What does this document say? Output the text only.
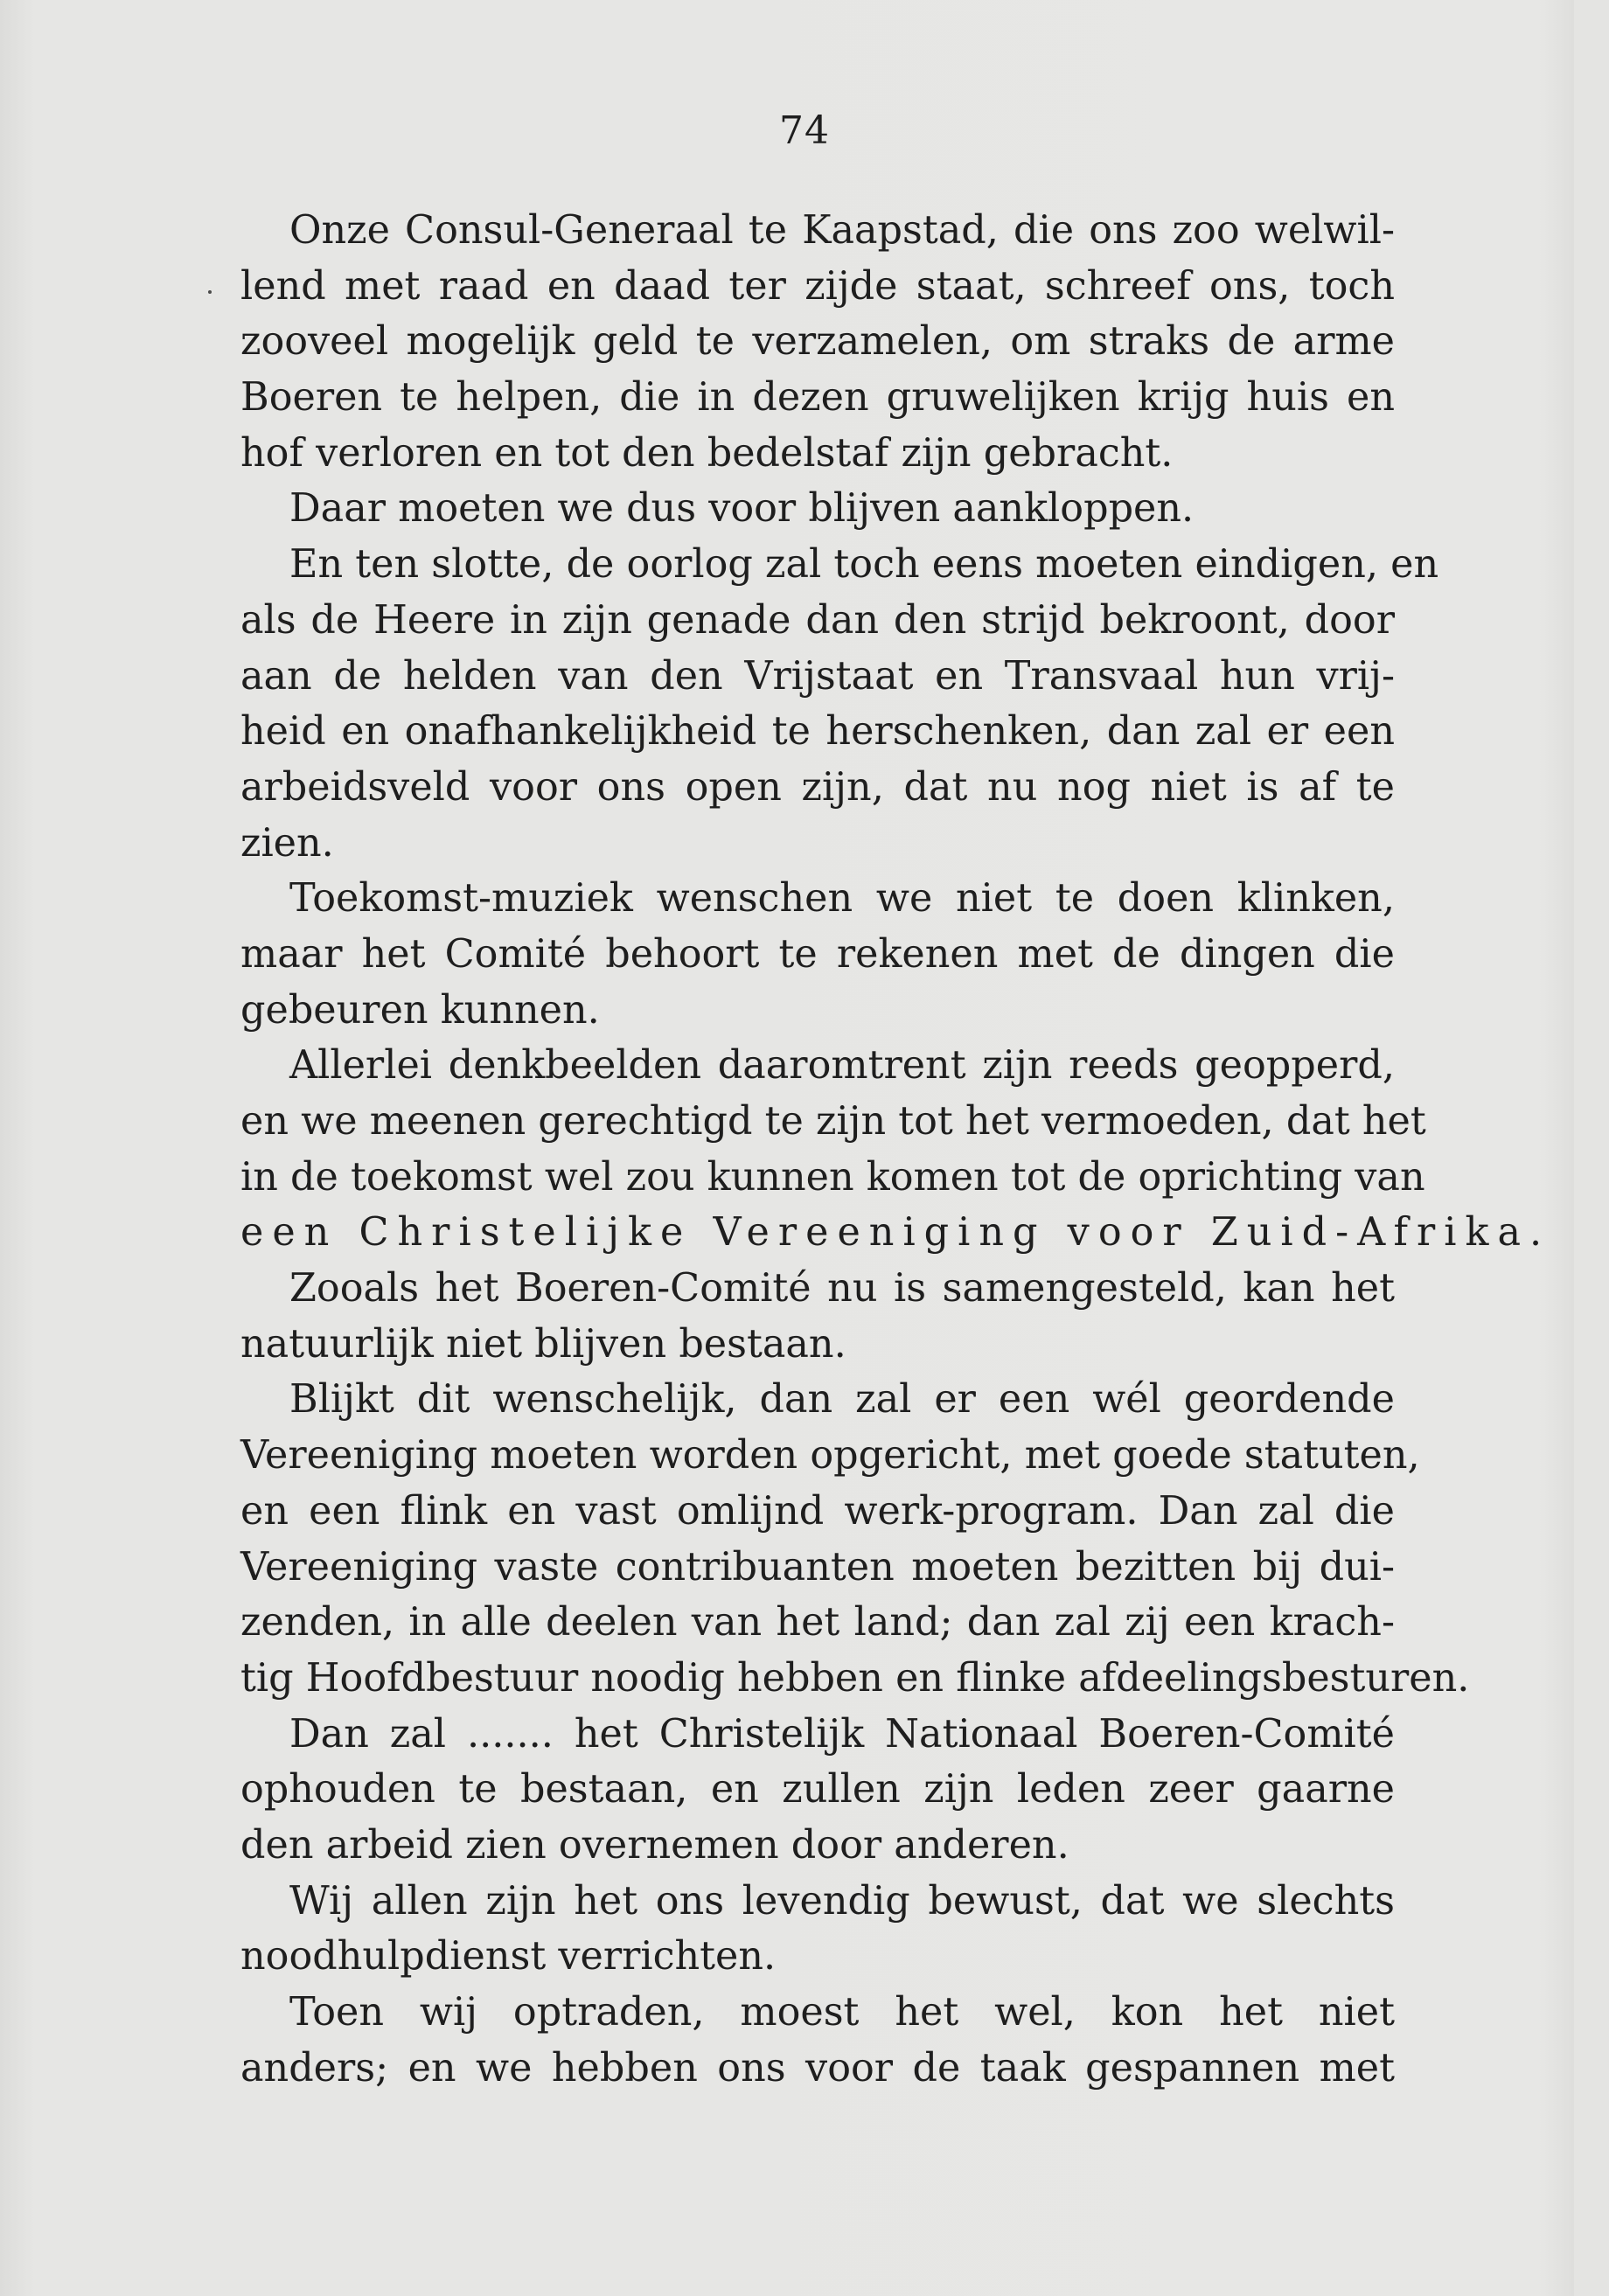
74
Onze Consul-Generaal te Kaapstad, die ons zoo welwil-
lend met raad en daad ter zijde staat, schreef ons, toch
zooveel mogelijk geld te verzamelen, om straks de arme
Boeren te helpen, die in dezen gruwelijken krijg huis en
hof verloren en tot den bedelstaf zijn gebracht.
Daar moeten we dus voor blijven aankloppen.
En ten slotte, de oorlog zal toch eens moeten eindigen, en
als de Heere in zijn genade dan den strijd bekroont, door
aan de helden van den Vrijstaat en Transvaal hun vrij-
heid en onafhankelijkheid te herschenken, dan zal er een
arbeidsveld voor ons open zijn, dat nu nog niet is af te
zien.
Toekomst-muziek wenschen we niet te doen klinken,
maar het Comité behoort te rekenen met de dingen die
gebeuren kunnen.
Allerlei denkbeelden daaromtrent zijn reeds geopperd,
en we meenen gerechtigd te zijn tot het vermoeden, dat het
in de toekomst wel zou kunnen komen tot de oprichting van
een Christelijke Vereeniging voor Zuid-Afrika.
Zooals het Boeren-Comité nu is samengesteld, kan het
natuurlijk niet blijven bestaan.
Blijkt dit wenschelijk, dan zal er een wél geordende
Vereeniging moeten worden opgericht, met goede statuten,
en een flink en vast omlijnd werk-program. Dan zal die
Vereeniging vaste contribuanten moeten bezitten bij dui-
zenden, in alle deelen van het land; dan zal zij een krach-
tig Hoofdbestuur noodig hebben en flinke afdeelingsbesturen.
Dan zal ....... het Christelijk Nationaal Boeren-Comité
ophouden te bestaan, en zullen zijn leden zeer gaarne
den arbeid zien overnemen door anderen.
Wij allen zijn het ons levendig bewust, dat we slechts
noodhulpdienst verrichten.
Toen wij optraden, moest het wel, kon het niet
anders; en we hebben ons voor de taak gespannen met
